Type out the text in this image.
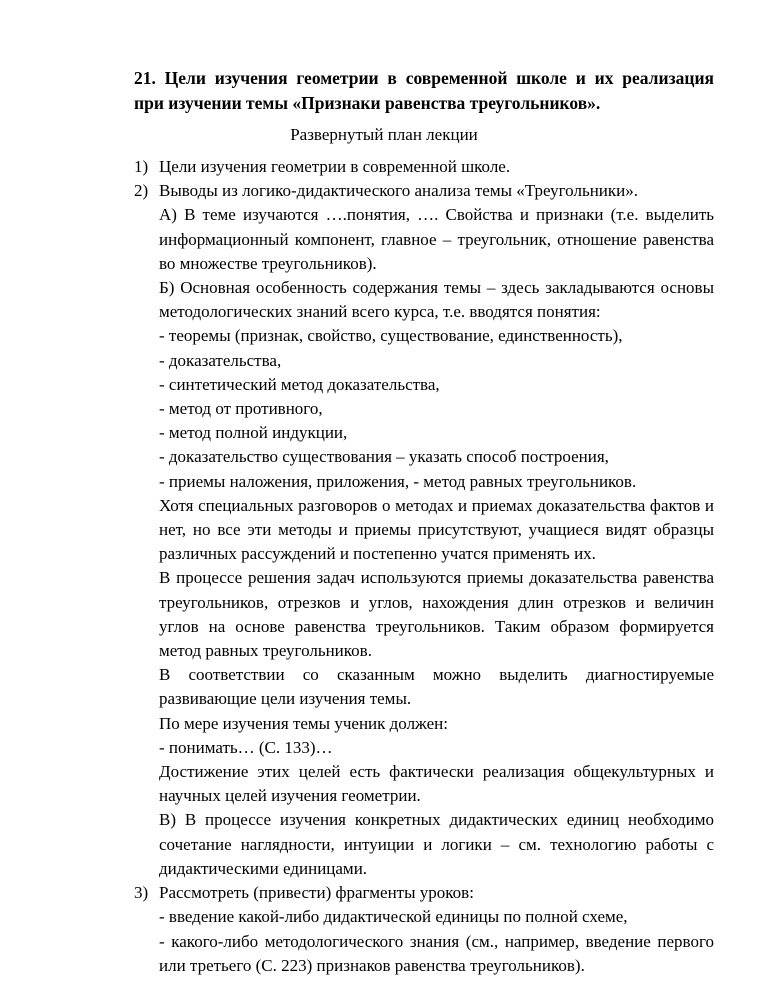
21. Цели изучения геометрии в современной школе и их реализация
при изучении темы «Признаки равенства треугольников».
Развернутый план лекции
1) Цели изучения геометрии в современной школе.

2) Выводы из логико-дидактического анализа темы «Треугольники».

А) В теме изучаются ….понятия, …. Свойства и признаки (т.е. выделить информационный компонент, главное – треугольник, отношение равенства во множестве треугольников).

Б) Основная особенность содержания темы – здесь закладываются основы методологических знаний всего курса, т.е. вводятся понятия:

- теоремы (признак, свойство, существование, единственность),

- доказательства,

- синтетический метод доказательства,

- метод от противного,

- метод полной индукции,

- доказательство существования – указать способ построения,

- приемы наложения, приложения, - метод равных треугольников.

Хотя специальных разговоров о методах и приемах доказательства фактов и нет, но все эти методы и приемы присутствуют, учащиеся видят образцы различных рассуждений и постепенно учатся применять их.

В процессе решения задач используются приемы доказательства равенства треугольников, отрезков и углов, нахождения длин отрезков и величин углов на основе равенства треугольников. Таким образом формируется метод равных треугольников.

В соответствии со сказанным можно выделить диагностируемые развивающие цели изучения темы.

По мере изучения темы ученик должен:

- понимать… (С. 133)…

Достижение этих целей есть фактически реализация общекультурных и научных целей изучения геометрии.

В) В процессе изучения конкретных дидактических единиц необходимо сочетание наглядности, интуиции и логики – см. технологию работы с дидактическими единицами.

3) Рассмотреть (привести) фрагменты уроков:

- введение какой-либо дидактической единицы по полной схеме,

- какого-либо методологического знания (см., например, введение первого или третьего (С. 223) признаков равенства треугольников).
